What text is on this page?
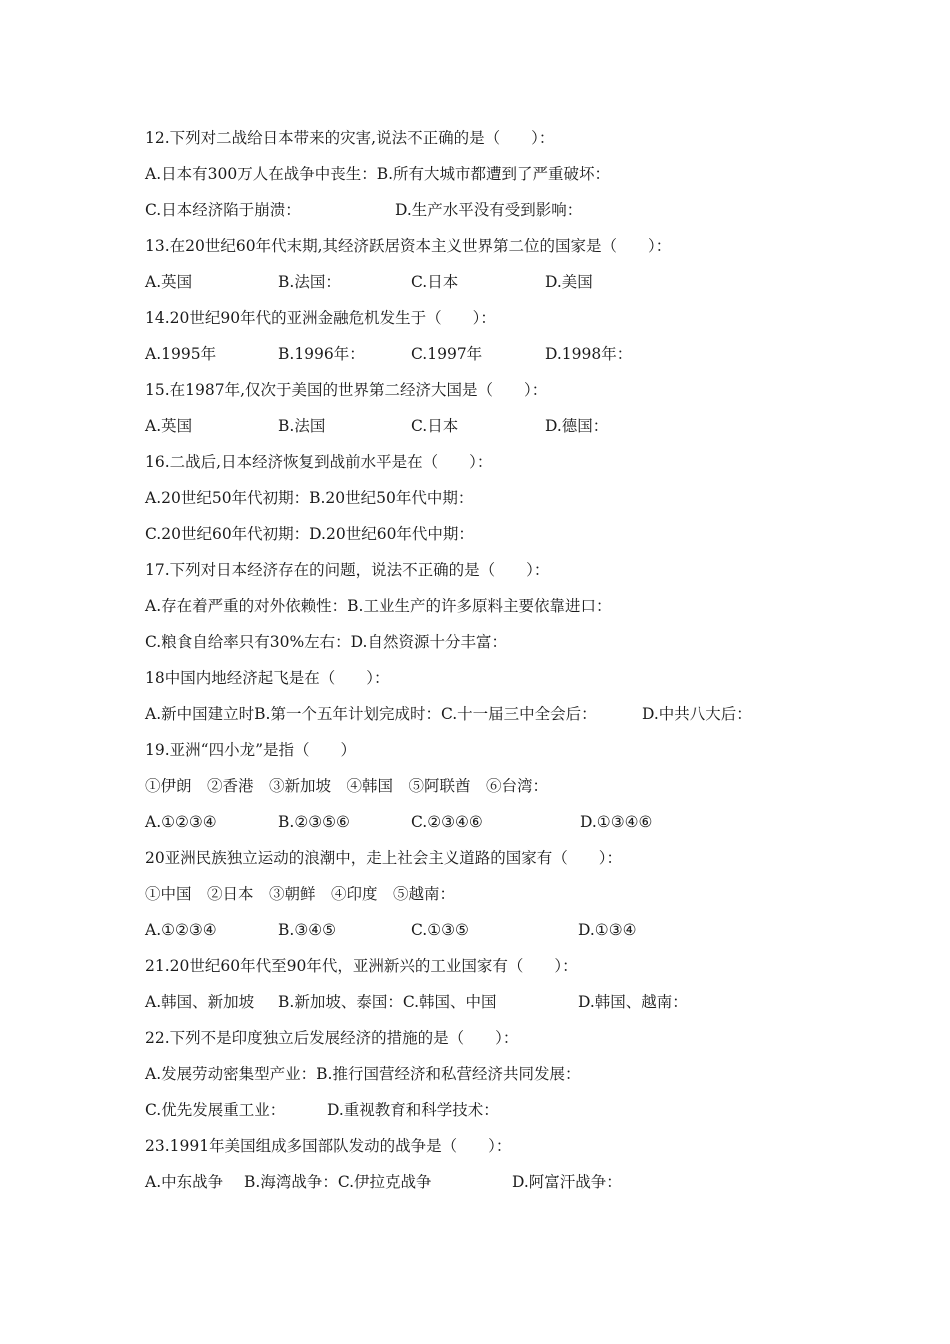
12.下列对二战给日本带来的灾害,说法不正确的是（　　）：
A.日本有300万人在战争中丧生：B.所有大城市都遭到了严重破坏：
C.日本经济陷于崩溃：	D.生产水平没有受到影响：
13.在20世纪60年代末期,其经济跃居资本主义世界第二位的国家是（　　）：
A.英国	B.法国：	C.日本	D.美国
14.20世纪90年代的亚洲金融危机发生于（　　）：
A.1995年	B.1996年：	C.1997年	D.1998年：
15.在1987年,仅次于美国的世界第二经济大国是（　　）：
A.英国	B.法国	C.日本	D.德国：
16.二战后,日本经济恢复到战前水平是在（　　）：
A.20世纪50年代初期：B.20世纪50年代中期：
C.20世纪60年代初期：D.20世纪60年代中期：
17.下列对日本经济存在的问题，说法不正确的是（　　）：
A.存在着严重的对外依赖性：B.工业生产的许多原料主要依靠进口：
C.粮食自给率只有30%左右：D.自然资源十分丰富：
18中国内地经济起飞是在（　　）：
A.新中国建立时B.第一个五年计划完成时：C.十一届三中全会后：	D.中共八大后：
19.亚洲“四小龙”是指（　　）
①伊朗　②香港　③新加坡　④韩国　⑤阿联酋　⑥台湾：
A.①②③④	B.②③⑤⑥	C.②③④⑥	D.①③④⑥
20亚洲民族独立运动的浪潮中，走上社会主义道路的国家有（　　）：
①中国　②日本　③朝鲜　④印度　⑤越南：
A.①②③④	B.③④⑤	C.①③⑤	D.①③④
21.20世纪60年代至90年代，亚洲新兴的工业国家有（　　）：
A.韩国、新加坡 B.新加坡、泰国：C.韩国、中国	D.韩国、越南：
22.下列不是印度独立后发展经济的措施的是（　　）：
A.发展劳动密集型产业：B.推行国营经济和私营经济共同发展：
C.优先发展重工业：	D.重视教育和科学技术：
23.1991年美国组成多国部队发动的战争是（　　）：
A.中东战争 B.海湾战争：C.伊拉克战争	D.阿富汗战争：
